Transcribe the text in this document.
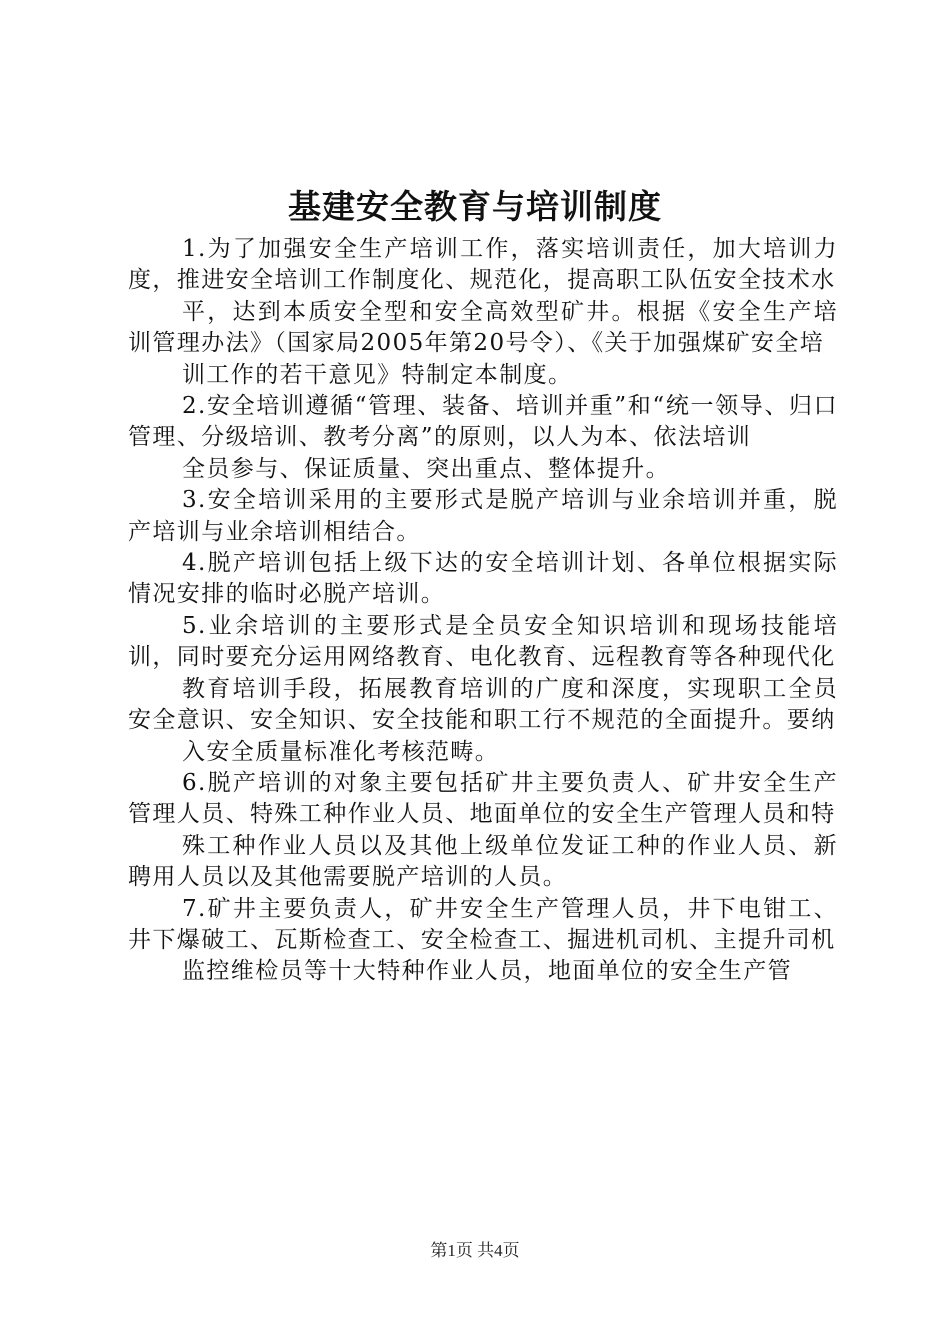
基建安全教育与培训制度

1.为了加强安全生产培训工作，落实培训责任，加大培训力度，推进安全培训工作制度化、规范化，提高职工队伍安全技术水

平，达到本质安全型和安全高效型矿井。根据《安全生产培训管理办法》（国家局2005年第20号令）、《关于加强煤矿安全培

训工作的若干意见》特制定本制度。

2.安全培训遵循“管理、装备、培训并重”和“统一领导、归口管理、分级培训、教考分离”的原则，以人为本、依法培训

全员参与、保证质量、突出重点、整体提升。

3.安全培训采用的主要形式是脱产培训与业余培训并重，脱产培训与业余培训相结合。

4.脱产培训包括上级下达的安全培训计划、各单位根据实际情况安排的临时必脱产培训。

5.业余培训的主要形式是全员安全知识培训和现场技能培训，同时要充分运用网络教育、电化教育、远程教育等各种现代化

教育培训手段，拓展教育培训的广度和深度，实现职工全员安全意识、安全知识、安全技能和职工行不规范的全面提升。要纳

入安全质量标准化考核范畴。

6.脱产培训的对象主要包括矿井主要负责人、矿井安全生产管理人员、特殊工种作业人员、地面单位的安全生产管理人员和特

殊工种作业人员以及其他上级单位发证工种的作业人员、新聘用人员以及其他需要脱产培训的人员。

7.矿井主要负责人，矿井安全生产管理人员，井下电钳工、井下爆破工、瓦斯检查工、安全检查工、掘进机司机、主提升司机

监控维检员等十大特种作业人员，地面单位的安全生产管

第1页 共4页
